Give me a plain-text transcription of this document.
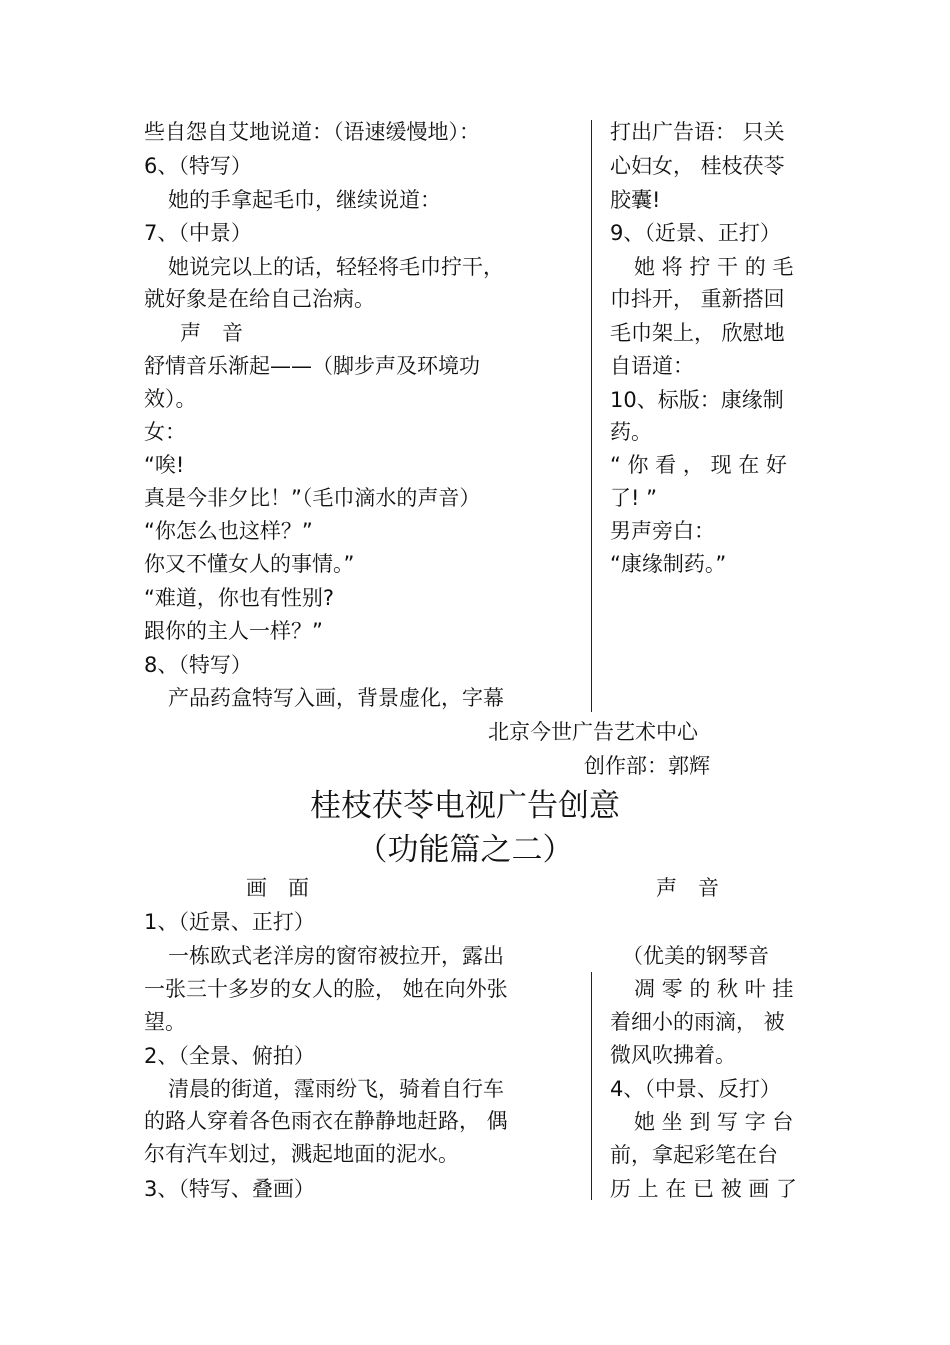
些自怨自艾地说道：（语速缓慢地）：

6、（特写）

她的手拿起毛巾，继续说道：

7、（中景）

她说完以上的话，轻轻将毛巾拧干，

就好象是在给自己治病。

声　音

舒情音乐渐起——（脚步声及环境功

效）。

女：

“唉!

真是今非夕比！”（毛巾滴水的声音）

“你怎么也这样？”

你又不懂女人的事情。”

“难道，你也有性别?

跟你的主人一样？”

8、（特写）

产品药盒特写入画，背景虚化，字幕

打出广告语： 只关

心妇女， 桂枝茯苓

胶囊!

9、（近景、正打）

她 将 拧 干 的 毛

巾抖开， 重新搭回

毛巾架上， 欣慰地

自语道：

10、标版：康缘制

药。

“ 你 看 ， 现 在 好

了! ”

男声旁白：

“康缘制药。”

北京今世广告艺术中心

创作部：郭辉

桂枝茯苓电视广告创意
（功能篇之二）

画　面	声　音

1、（近景、正打）

一栋欧式老洋房的窗帘被拉开，露出

一张三十多岁的女人的脸， 她在向外张

望。

2、（全景、俯拍）

清晨的街道，霪雨纷飞，骑着自行车

的路人穿着各色雨衣在静静地赶路， 偶

尔有汽车划过，溅起地面的泥水。

3、（特写、叠画）

（优美的钢琴音

凋 零 的 秋 叶 挂

着细小的雨滴， 被

微风吹拂着。

4、（中景、反打）

她 坐 到 写 字 台

前，拿起彩笔在台

历 上 在 已 被 画 了
